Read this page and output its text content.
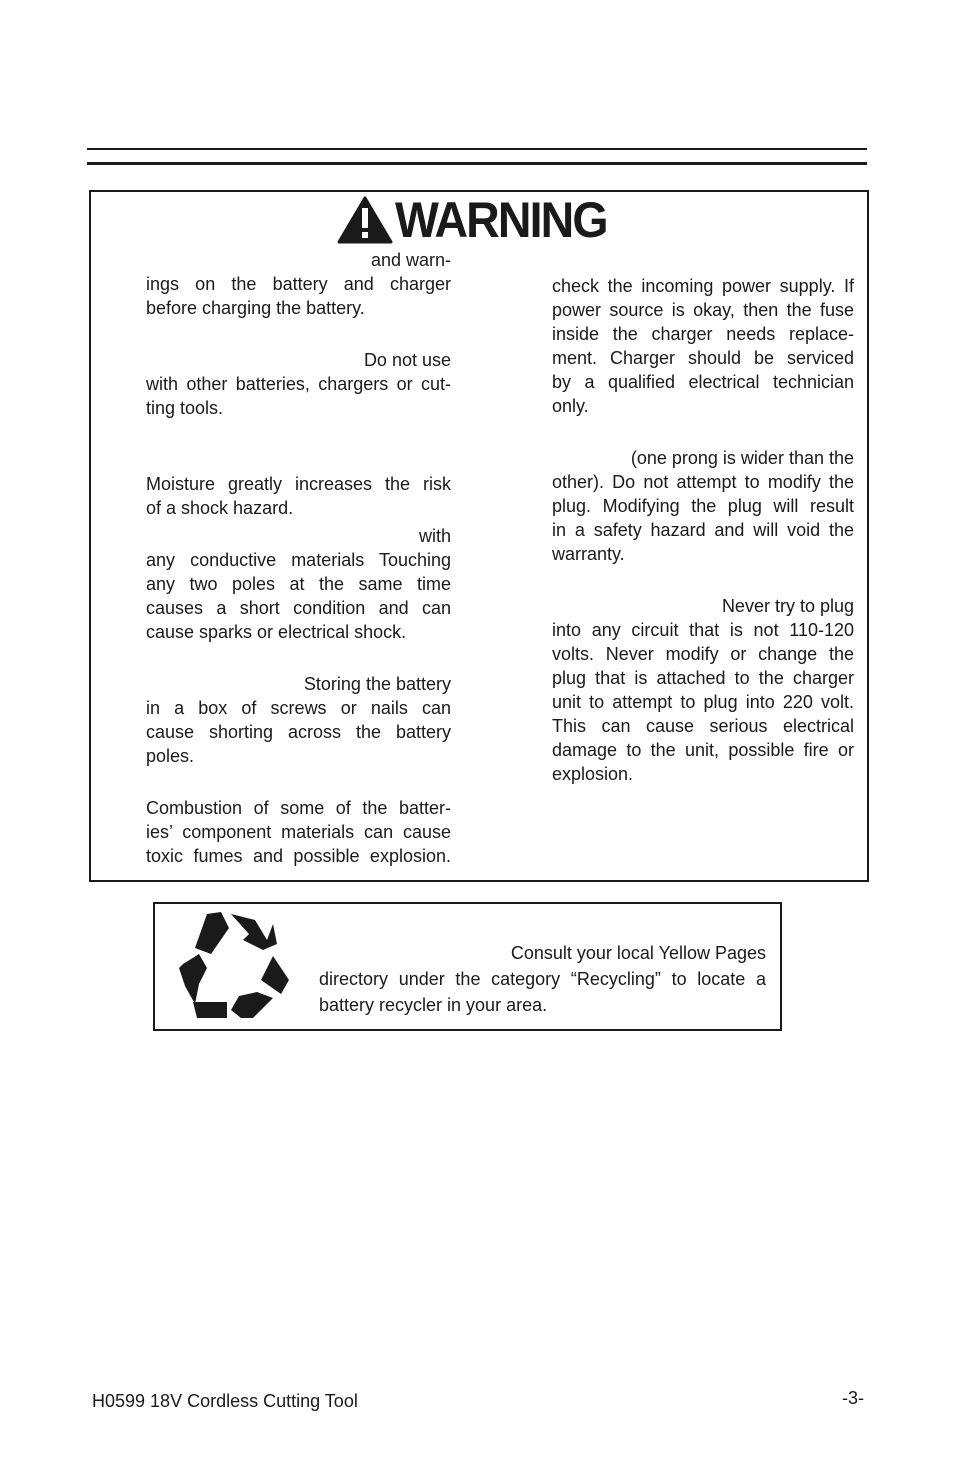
WARNING
and warn-
ings on the battery and charger
before charging the battery.
Do not use
with other batteries, chargers or cut-
ting tools.
Moisture greatly increases the risk
of a shock hazard.
with
any conductive materials Touching
any two poles at the same time
causes a short condition and can
cause sparks or electrical shock.
Storing the battery
in a box of screws or nails can
cause shorting across the battery
poles.
Combustion of some of the batter-
ies’ component materials can cause
toxic fumes and possible explosion.
check the incoming power supply. If
power source is okay, then the fuse
inside the charger needs replace-
ment. Charger should be serviced
by a qualified electrical technician
only.
(one prong is wider than the
other). Do not attempt to modify the
plug. Modifying the plug will result
in a safety hazard and will void the
warranty.
Never try to plug
into any circuit that is not 110-120
volts. Never modify or change the
plug that is attached to the charger
unit to attempt to plug into 220 volt.
This can cause serious electrical
damage to the unit, possible fire or
explosion.
Consult your local Yellow Pages
directory under the category “Recycling” to locate a
battery recycler in your area.
H0599 18V Cordless Cutting Tool	-3-
